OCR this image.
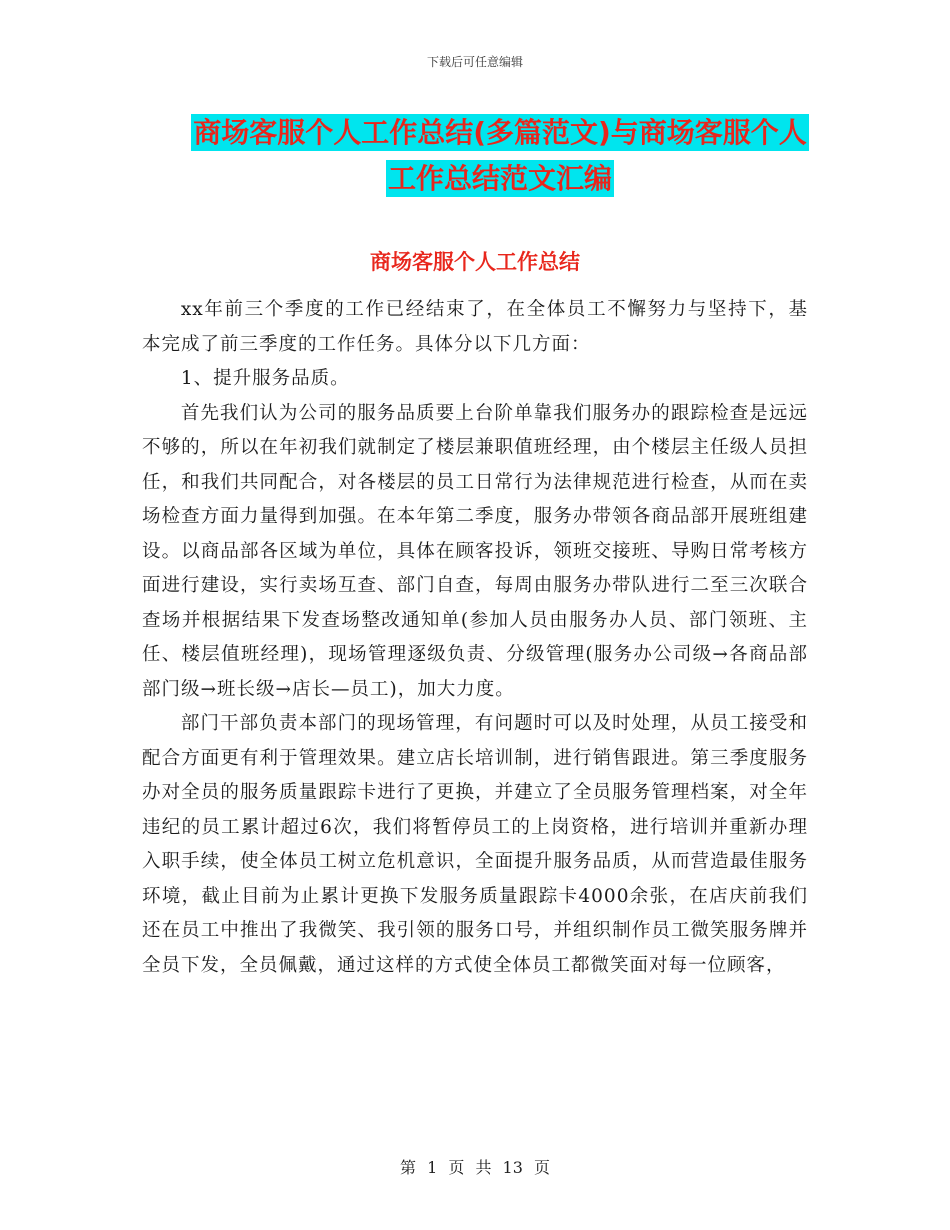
下载后可任意编辑
商场客服个人工作总结(多篇范文)与商场客服个人工作总结范文汇编
商场客服个人工作总结

xx年前三个季度的工作已经结束了，在全体员工不懈努力与坚持下，基本完成了前三季度的工作任务。具体分以下几方面：

1、提升服务品质。

首先我们认为公司的服务品质要上台阶单靠我们服务办的跟踪检查是远远不够的，所以在年初我们就制定了楼层兼职值班经理，由个楼层主任级人员担任，和我们共同配合，对各楼层的员工日常行为法律规范进行检查，从而在卖场检查方面力量得到加强。在本年第二季度，服务办带领各商品部开展班组建设。以商品部各区域为单位，具体在顾客投诉，领班交接班、导购日常考核方面进行建设，实行卖场互查、部门自查，每周由服务办带队进行二至三次联合查场并根据结果下发查场整改通知单(参加人员由服务办人员、部门领班、主任、楼层值班经理)，现场管理逐级负责、分级管理(服务办公司级→各商品部部门级→班长级→店长—员工)，加大力度。

部门干部负责本部门的现场管理，有问题时可以及时处理，从员工接受和配合方面更有利于管理效果。建立店长培训制，进行销售跟进。第三季度服务办对全员的服务质量跟踪卡进行了更换，并建立了全员服务管理档案，对全年违纪的员工累计超过6次，我们将暂停员工的上岗资格，进行培训并重新办理入职手续，使全体员工树立危机意识，全面提升服务品质，从而营造最佳服务环境，截止目前为止累计更换下发服务质量跟踪卡4000余张，在店庆前我们还在员工中推出了我微笑、我引领的服务口号，并组织制作员工微笑服务牌并全员下发，全员佩戴，通过这样的方式使全体员工都微笑面对每一位顾客，

第 1 页 共 13 页
